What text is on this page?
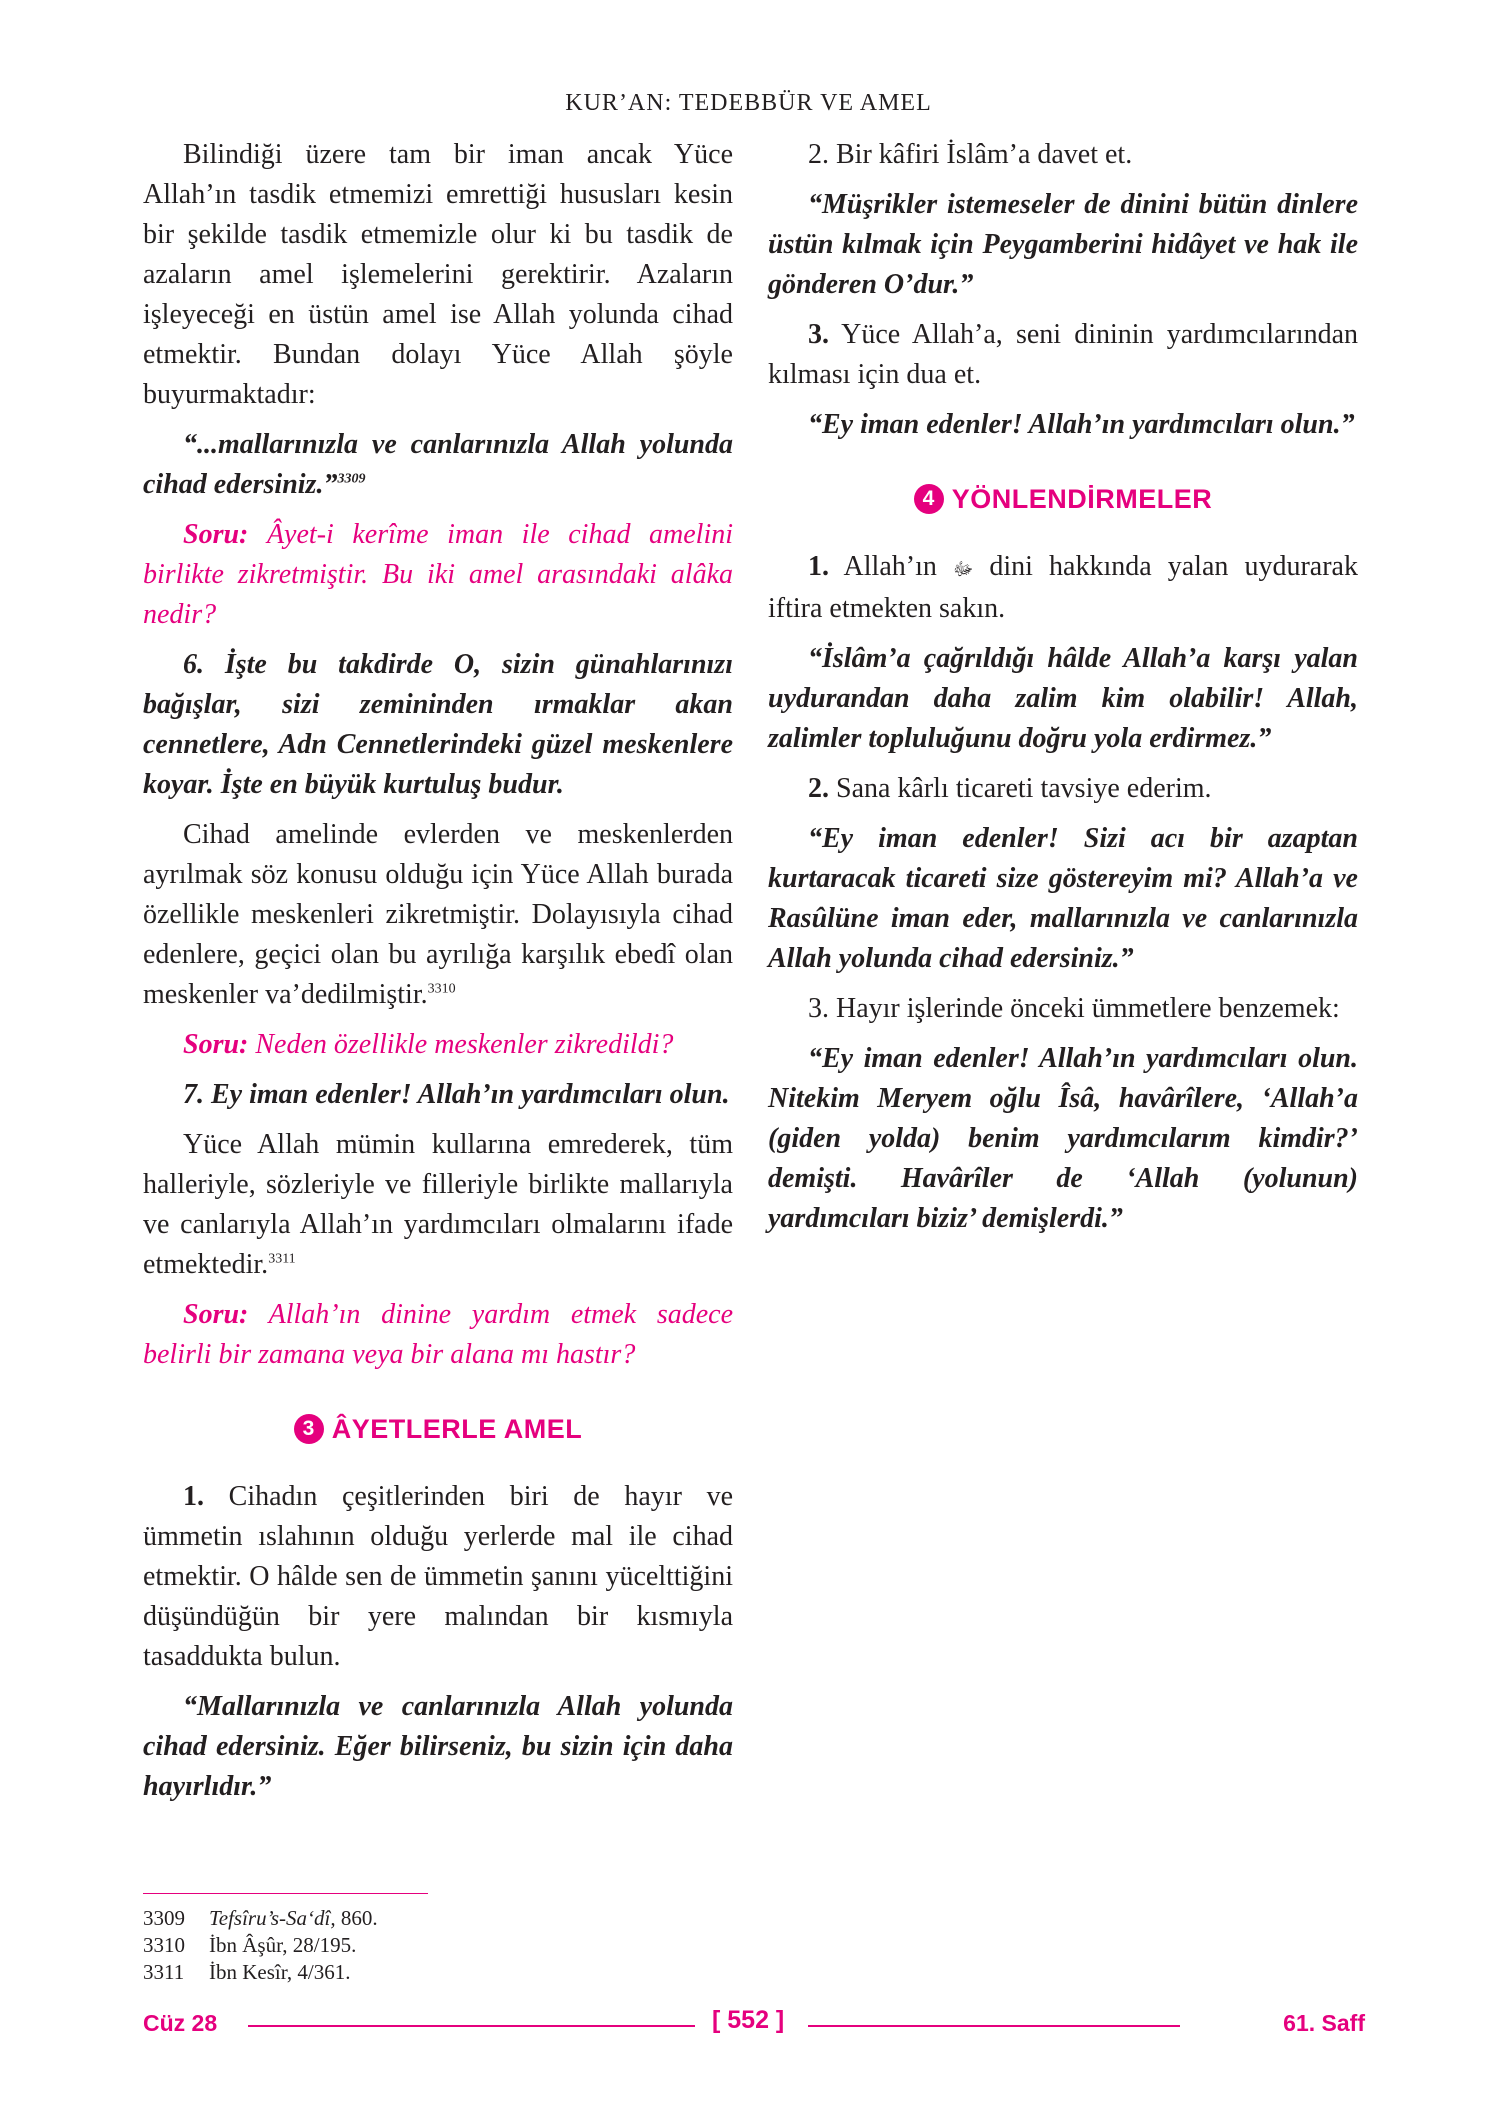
KUR’AN: TEDEBBÜR VE AMEL

Bilindiği üzere tam bir iman ancak Yüce Allah’ın tasdik etmemizi emrettiği hususları kesin bir şekilde tasdik etmemizle olur ki bu tasdik de azaların amel işlemelerini gerektirir. Azaların işleyeceği en üstün amel ise Allah yolunda cihad etmektir. Bundan dolayı Yüce Allah şöyle buyurmaktadır:

“...mallarınızla ve canlarınızla Allah yolunda cihad edersiniz.”$^{3309}$

Soru: Âyet-i kerîme iman ile cihad amelini birlikte zikretmiştir. Bu iki amel arasındaki alâka nedir?

6. İşte bu takdirde O, sizin günahlarınızı bağışlar, sizi zemininden ırmaklar akan cennetlere, Adn Cennetlerindeki güzel meskenlere koyar. İşte en büyük kurtuluş budur.

Cihad amelinde evlerden ve meskenlerden ayrılmak söz konusu olduğu için Yüce Allah burada özellikle meskenleri zikretmiştir. Dolayısıyla cihad edenlere, geçici olan bu ayrılığa karşılık ebedî olan meskenler va’dedilmiştir.$^{3310}$

Soru: Neden özellikle meskenler zikredildi?

7. Ey iman edenler! Allah’ın yardımcıları olun.

Yüce Allah mümin kullarına emrederek, tüm halleriyle, sözleriyle ve filleriyle birlikte mallarıyla ve canlarıyla Allah’ın yardımcıları olmalarını ifade etmektedir.$^{3311}$

Soru: Allah’ın dinine yardım etmek sadece belirli bir zamana veya bir alana mı hastır?

3 ÂYETLERLE AMEL

1. Cihadın çeşitlerinden biri de hayır ve ümmetin ıslahının olduğu yerlerde mal ile cihad etmektir. O hâlde sen de ümmetin şanını yücelttiğini düşündüğün bir yere malından bir kısmıyla tasaddukta bulun.

“Mallarınızla ve canlarınızla Allah yolunda cihad edersiniz. Eğer bilirseniz, bu sizin için daha hayırlıdır.”

2. Bir kâfiri İslâm’a davet et.

“Müşrikler istemeseler de dinini bütün dinlere üstün kılmak için Peygamberini hidâyet ve hak ile gönderen O’dur.”

3. Yüce Allah’a, seni dininin yardımcılarından kılması için dua et.

“Ey iman edenler! Allah’ın yardımcıları olun.”

4 YÖNLENDİRMELER

1. Allah’ın ﷻ dini hakkında yalan uydurarak iftira etmekten sakın.

“İslâm’a çağrıldığı hâlde Allah’a karşı yalan uydurandan daha zalim kim olabilir! Allah, zalimler topluluğunu doğru yola erdirmez.”

2. Sana kârlı ticareti tavsiye ederim.

“Ey iman edenler! Sizi acı bir azaptan kurtaracak ticareti size göstereyim mi? Allah’a ve Rasûlüne iman eder, mallarınızla ve canlarınızla Allah yolunda cihad edersiniz.”

3. Hayır işlerinde önceki ümmetlere benzemek:

“Ey iman edenler! Allah’ın yardımcıları olun. Nitekim Meryem oğlu Îsâ, havârîlere, ‘Allah’a (giden yolda) benim yardımcılarım kimdir?’ demişti. Havârîler de ‘Allah (yolunun) yardımcıları biziz’ demişlerdi.”

3309	Tefsîru’s-Sa‘dî, 860.
3310	İbn Âşûr, 28/195.
3311	İbn Kesîr, 4/361.
Cüz 28	[ 552 ]	61. Saff
